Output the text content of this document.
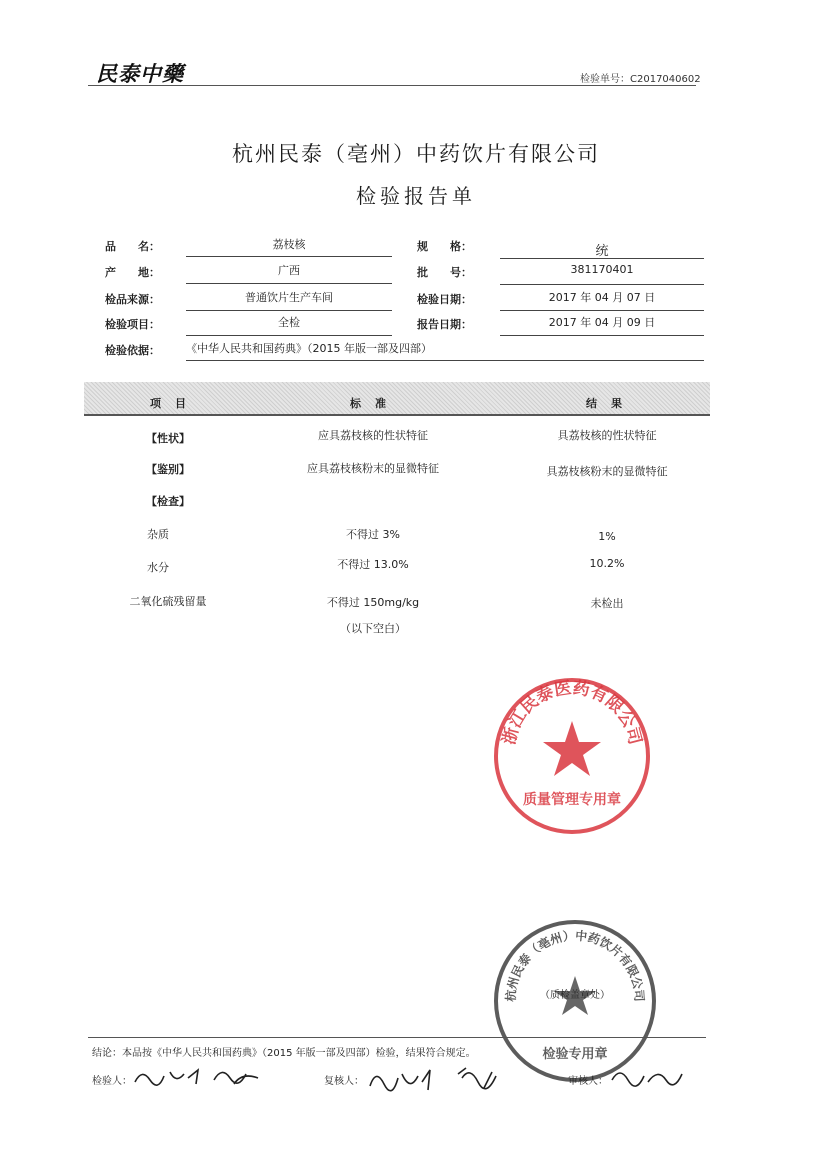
民泰中藥	检验单号：C2017040602
杭州民泰（亳州）中药饮片有限公司
检验报告单
品　　名：	荔枝核	规　　格：	统
产　　地：	广西	批　　号：	381170401
检品来源：	普通饮片生产车间	检验日期：	2017 年 04 月 07 日
检验项目：	全检	报告日期：	2017 年 04 月 09 日
检验依据： 《中华人民共和国药典》（2015 年版一部及四部）
项目	标准	结果
【性状】	应具荔枝核的性状特征	具荔枝核的性状特征
【鉴别】	应具荔枝核粉末的显微特征	具荔枝核粉末的显微特征
【检查】
杂质	不得过 3%	1%
水分	不得过 13.0%	10.2%
二氧化硫残留量	不得过 150mg/kg	未检出
（以下空白）
浙江民泰医药有限公司
质量管理专用章
杭州民泰（亳州）中药饮片有限公司
检验专用章
（质检盖章处）
结论：本品按《中华人民共和国药典》（2015 年版一部及四部）检验，结果符合规定。
检验人：	复核人：	审核人：
